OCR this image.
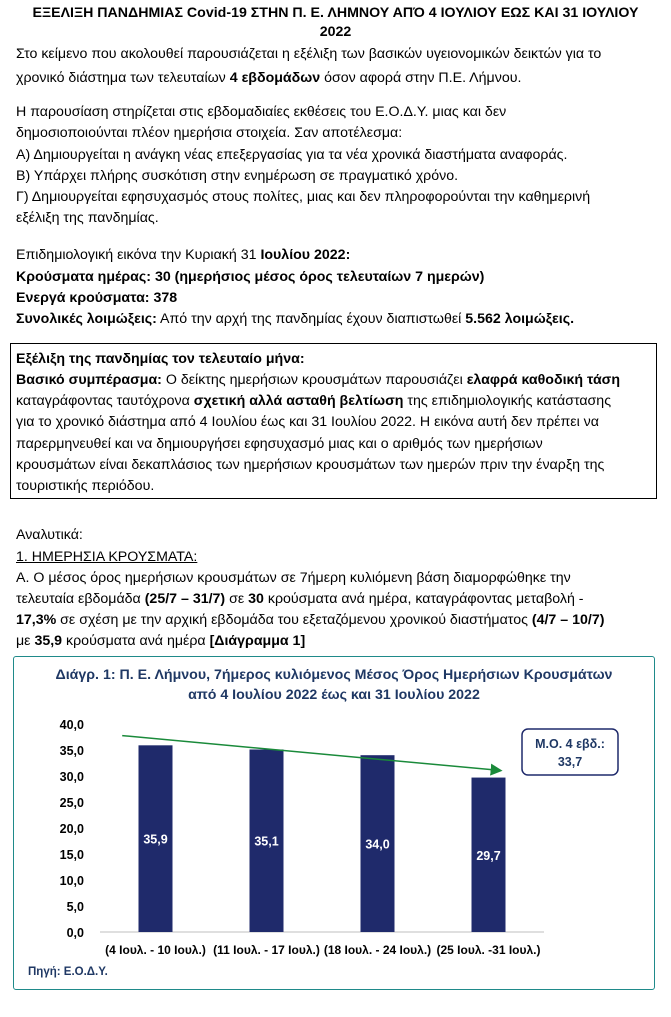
ΕΞΕΛΙΞΗ ΠΑΝΔΗΜΙΑΣ Covid-19 ΣΤΗΝ Π. Ε. ΛΗΜΝΟΥ ΑΠΌ 4 ΙΟΥΛΙΟΥ ΕΩΣ ΚΑΙ 31 ΙΟΥΛΙΟΥ
2022
Στο κείμενο που ακολουθεί παρουσιάζεται η εξέλιξη των βασικών υγειονομικών δεικτών για το
χρονικό διάστημα των τελευταίων 4 εβδομάδων όσον αφορά στην Π.Ε. Λήμνου.
Η παρουσίαση στηρίζεται στις εβδομαδιαίες εκθέσεις του Ε.Ο.Δ.Υ. μιας και δεν
δημοσιοποιούνται πλέον ημερήσια στοιχεία. Σαν αποτέλεσμα:
Α) Δημιουργείται η ανάγκη νέας επεξεργασίας για τα νέα χρονικά διαστήματα αναφοράς.
Β) Υπάρχει πλήρης συσκότιση στην ενημέρωση σε πραγματικό χρόνο.
Γ) Δημιουργείται εφησυχασμός στους πολίτες, μιας και δεν πληροφορούνται την καθημερινή
εξέλιξη της πανδημίας.
Επιδημιολογική εικόνα την Κυριακή 31 Ιουλίου 2022:
Κρούσματα ημέρας: 30 (ημερήσιος μέσος όρος τελευταίων 7 ημερών)
Ενεργά κρούσματα: 378
Συνολικές λοιμώξεις: Από την αρχή της πανδημίας έχουν διαπιστωθεί 5.562 λοιμώξεις.
Εξέλιξη της πανδημίας τον τελευταίο μήνα:
Βασικό συμπέρασμα: Ο δείκτης ημερήσιων κρουσμάτων παρουσιάζει ελαφρά καθοδική τάση
καταγράφοντας ταυτόχρονα σχετική αλλά ασταθή βελτίωση της επιδημιολογικής κατάστασης
για το χρονικό διάστημα από 4 Ιουλίου έως και 31 Ιουλίου 2022. Η εικόνα αυτή δεν πρέπει να
παρερμηνευθεί και να δημιουργήσει εφησυχασμό μιας και ο αριθμός των ημερήσιων
κρουσμάτων είναι δεκαπλάσιος των ημερήσιων κρουσμάτων των ημερών πριν την έναρξη της
τουριστικής περιόδου.
Αναλυτικά:
1. ΗΜΕΡΗΣΙΑ ΚΡΟΥΣΜΑΤΑ:
Α. Ο μέσος όρος ημερήσιων κρουσμάτων σε 7ήμερη κυλιόμενη βάση διαμορφώθηκε την
τελευταία εβδομάδα (25/7 – 31/7) σε 30 κρούσματα ανά ημέρα, καταγράφοντας μεταβολή -
17,3% σε σχέση με την αρχική εβδομάδα του εξεταζόμενου χρονικού διαστήματος (4/7 – 10/7)
με 35,9 κρούσματα ανά ημέρα [Διάγραμμα 1]
Διάγρ. 1: Π. Ε. Λήμνου, 7ήμερος κυλιόμενος Μέσος Όρος Ημερήσιων Κρουσμάτων
από 4 Ιουλίου 2022 έως και 31 Ιουλίου 2022
0,0
5,0
10,0
15,0
20,0
25,0
30,0
35,0
40,0
35,9
(4 Ιουλ. - 10 Ιουλ.)
35,1
(11 Ιουλ. - 17 Ιουλ.)
34,0
(18 Ιουλ. - 24 Ιουλ.)
29,7
(25 Ιουλ. -31 Ιουλ.)
Μ.Ο. 4 εβδ.:
33,7
Πηγή: Ε.Ο.Δ.Υ.
